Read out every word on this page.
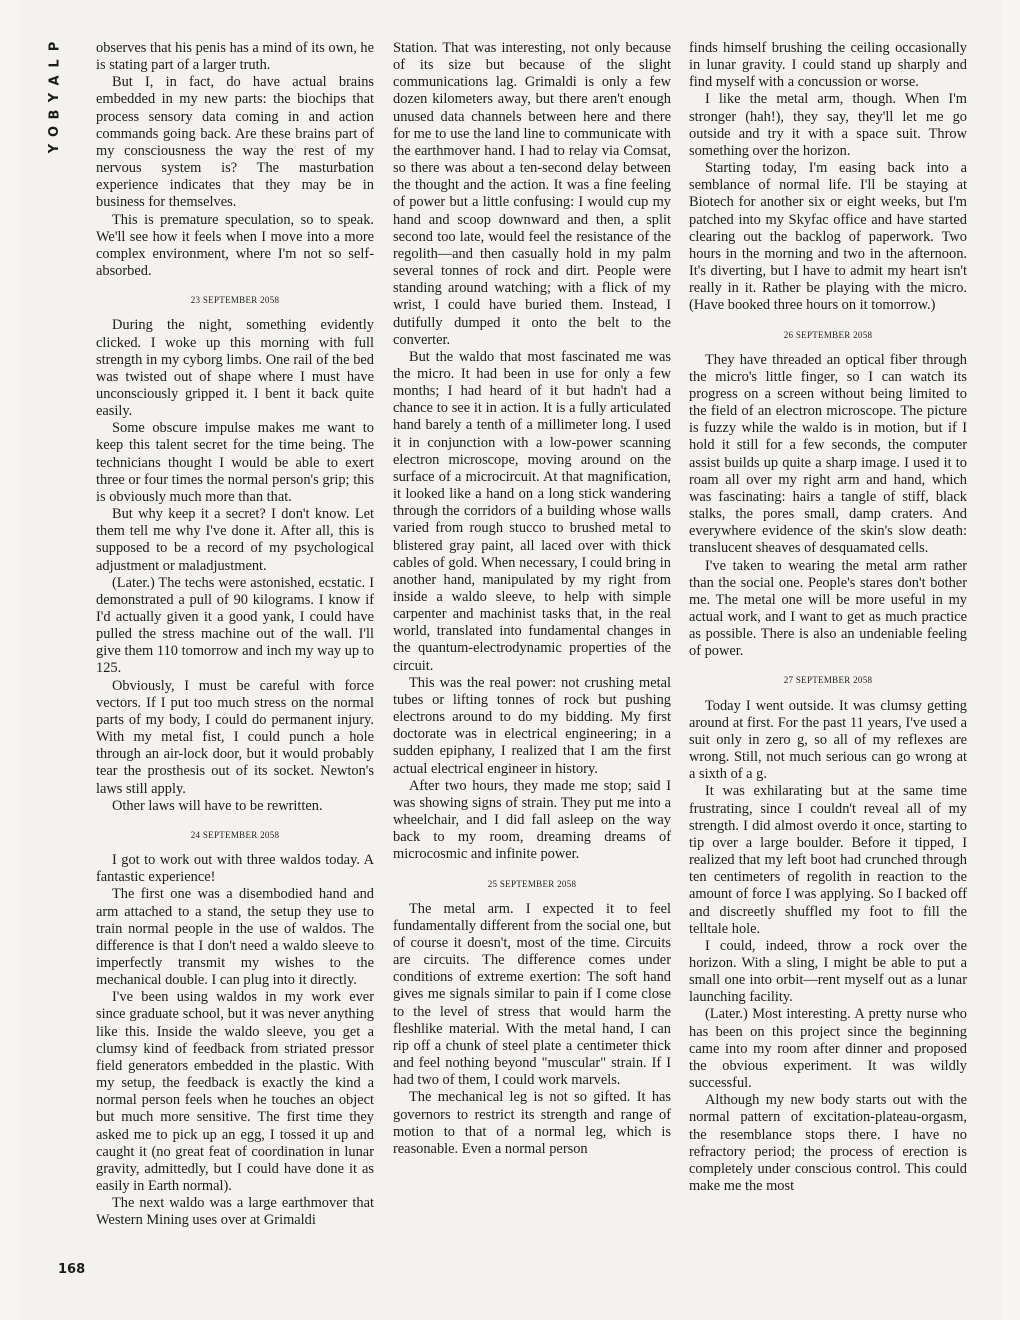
P
L
A
Y
B
O
Y

observes that his penis has a mind of its own, he is stating part of a larger truth.

But I, in fact, do have actual brains embedded in my new parts: the biochips that process sensory data coming in and action commands going back. Are these brains part of my consciousness the way the rest of my nervous system is? The masturbation experience indicates that they may be in business for themselves.

This is premature speculation, so to speak. We'll see how it feels when I move into a more complex environment, where I'm not so self-absorbed.

23 SEPTEMBER 2058

During the night, something evidently clicked. I woke up this morning with full strength in my cyborg limbs. One rail of the bed was twisted out of shape where I must have unconsciously gripped it. I bent it back quite easily.

Some obscure impulse makes me want to keep this talent secret for the time being. The technicians thought I would be able to exert three or four times the normal person's grip; this is obviously much more than that.

But why keep it a secret? I don't know. Let them tell me why I've done it. After all, this is supposed to be a record of my psychological adjustment or maladjustment.

(Later.) The techs were astonished, ecstatic. I demonstrated a pull of 90 kilograms. I know if I'd actually given it a good yank, I could have pulled the stress machine out of the wall. I'll give them 110 tomorrow and inch my way up to 125.

Obviously, I must be careful with force vectors. If I put too much stress on the normal parts of my body, I could do permanent injury. With my metal fist, I could punch a hole through an air-lock door, but it would probably tear the prosthesis out of its socket. Newton's laws still apply.

Other laws will have to be rewritten.

24 SEPTEMBER 2058

I got to work out with three waldos today. A fantastic experience!

The first one was a disembodied hand and arm attached to a stand, the setup they use to train normal people in the use of waldos. The difference is that I don't need a waldo sleeve to imperfectly transmit my wishes to the mechanical double. I can plug into it directly.

I've been using waldos in my work ever since graduate school, but it was never anything like this. Inside the waldo sleeve, you get a clumsy kind of feedback from striated pressor field generators embedded in the plastic. With my setup, the feedback is exactly the kind a normal person feels when he touches an object but much more sensitive. The first time they asked me to pick up an egg, I tossed it up and caught it (no great feat of coordination in lunar gravity, admittedly, but I could have done it as easily in Earth normal).

The next waldo was a large earthmover that Western Mining uses over at Grimaldi

Station. That was interesting, not only because of its size but because of the slight communications lag. Grimaldi is only a few dozen kilometers away, but there aren't enough unused data channels between here and there for me to use the land line to communicate with the earthmover hand. I had to relay via Comsat, so there was about a ten-second delay between the thought and the action. It was a fine feeling of power but a little confusing: I would cup my hand and scoop downward and then, a split second too late, would feel the resistance of the regolith—and then casually hold in my palm several tonnes of rock and dirt. People were standing around watching; with a flick of my wrist, I could have buried them. Instead, I dutifully dumped it onto the belt to the converter.

But the waldo that most fascinated me was the micro. It had been in use for only a few months; I had heard of it but hadn't had a chance to see it in action. It is a fully articulated hand barely a tenth of a millimeter long. I used it in conjunction with a low-power scanning electron microscope, moving around on the surface of a microcircuit. At that magnification, it looked like a hand on a long stick wandering through the corridors of a building whose walls varied from rough stucco to brushed metal to blistered gray paint, all laced over with thick cables of gold. When necessary, I could bring in another hand, manipulated by my right from inside a waldo sleeve, to help with simple carpenter and machinist tasks that, in the real world, translated into fundamental changes in the quantum-electrodynamic properties of the circuit.

This was the real power: not crushing metal tubes or lifting tonnes of rock but pushing electrons around to do my bidding. My first doctorate was in electrical engineering; in a sudden epiphany, I realized that I am the first actual electrical engineer in history.

After two hours, they made me stop; said I was showing signs of strain. They put me into a wheelchair, and I did fall asleep on the way back to my room, dreaming dreams of microcosmic and infinite power.

25 SEPTEMBER 2058

The metal arm. I expected it to feel fundamentally different from the social one, but of course it doesn't, most of the time. Circuits are circuits. The difference comes under conditions of extreme exertion: The soft hand gives me signals similar to pain if I come close to the level of stress that would harm the fleshlike material. With the metal hand, I can rip off a chunk of steel plate a centimeter thick and feel nothing beyond "muscular" strain. If I had two of them, I could work marvels.

The mechanical leg is not so gifted. It has governors to restrict its strength and range of motion to that of a normal leg, which is reasonable. Even a normal person

finds himself brushing the ceiling occasionally in lunar gravity. I could stand up sharply and find myself with a concussion or worse.

I like the metal arm, though. When I'm stronger (hah!), they say, they'll let me go outside and try it with a space suit. Throw something over the horizon.

Starting today, I'm easing back into a semblance of normal life. I'll be staying at Biotech for another six or eight weeks, but I'm patched into my Skyfac office and have started clearing out the backlog of paperwork. Two hours in the morning and two in the afternoon. It's diverting, but I have to admit my heart isn't really in it. Rather be playing with the micro. (Have booked three hours on it tomorrow.)

26 SEPTEMBER 2058

They have threaded an optical fiber through the micro's little finger, so I can watch its progress on a screen without being limited to the field of an electron microscope. The picture is fuzzy while the waldo is in motion, but if I hold it still for a few seconds, the computer assist builds up quite a sharp image. I used it to roam all over my right arm and hand, which was fascinating: hairs a tangle of stiff, black stalks, the pores small, damp craters. And everywhere evidence of the skin's slow death: translucent sheaves of desquamated cells.

I've taken to wearing the metal arm rather than the social one. People's stares don't bother me. The metal one will be more useful in my actual work, and I want to get as much practice as possible. There is also an undeniable feeling of power.

27 SEPTEMBER 2058

Today I went outside. It was clumsy getting around at first. For the past 11 years, I've used a suit only in zero g, so all of my reflexes are wrong. Still, not much serious can go wrong at a sixth of a g.

It was exhilarating but at the same time frustrating, since I couldn't reveal all of my strength. I did almost overdo it once, starting to tip over a large boulder. Before it tipped, I realized that my left boot had crunched through ten centimeters of regolith in reaction to the amount of force I was applying. So I backed off and discreetly shuffled my foot to fill the telltale hole.

I could, indeed, throw a rock over the horizon. With a sling, I might be able to put a small one into orbit—rent myself out as a lunar launching facility.

(Later.) Most interesting. A pretty nurse who has been on this project since the beginning came into my room after dinner and proposed the obvious experiment. It was wildly successful.

Although my new body starts out with the normal pattern of excitation-plateau-orgasm, the resemblance stops there. I have no refractory period; the process of erection is completely under conscious control. This could make me the most

168
